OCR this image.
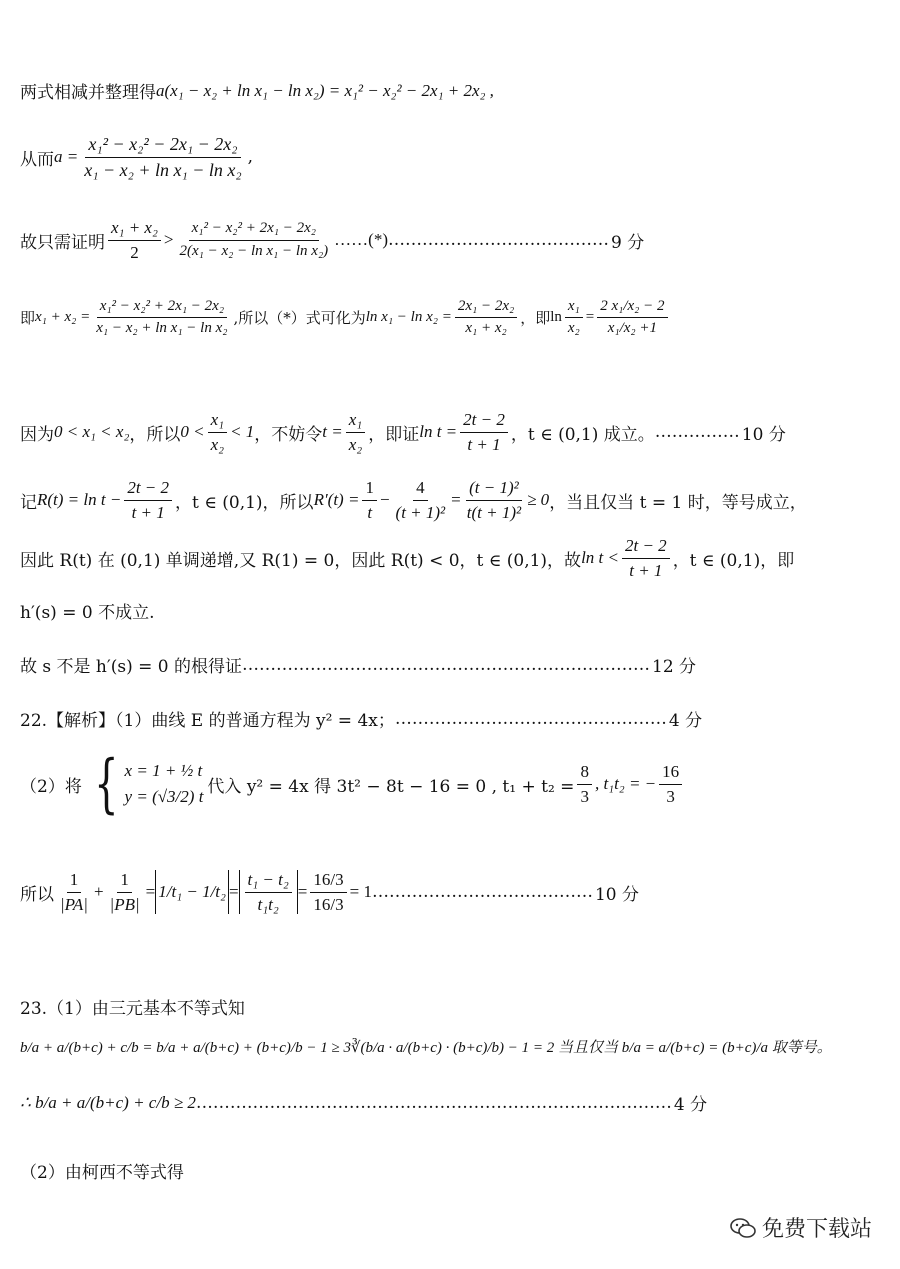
​
两式相减并整理得 a(x₁ − x₂ + ln x₁ − ln x₂) = x₁² − x₂² − 2x₁ + 2x₂ ,
从而 $a = \frac{\text{x₁² − x₂² − 2x₁ − 2x₂}}{\text{x₁ − x₂ + ln x₁ − ln x₂}}$ ,
故只需证明 $\frac{\text{x₁ + x₂}}{2} > \frac{\text{x₁² − x₂² + 2x₁ − 2x₂}}{\text{2(x₁ − x₂ − ln x₁ − ln x₂)}}$ ……(*) ………………………………… 9 分
即 $x_1 + x_2 = \frac{\text{x₁² − x₂² + 2x₁ − 2x₂}}{\text{x₁ − x₂ + ln x₁ − ln x₂}}$ ,所以（*）式可化为 $\ln x_1 - \ln x_2 = \frac{\text{2x₁ − 2x₂}}{\text{x₁ + x₂}}$ ，即 $\ln \frac{\text{x₁}}{\text{x₂}} = \frac{\text{2 x₁/x₂ − 2}}{\text{x₁/x₂ +1}}$
因为 0 < x₁ < x₂ ，所以 $0 < \frac{\text{x₁}}{\text{x₂}} < 1$ ，不妨令 $t = \frac{\text{x₁}}{\text{x₂}}$ ，即证 $\ln t = \frac{2t - 2}{t + 1}$ ，t ∈ (0,1) 成立。 …………… 10 分
记 $R(t) = \ln t - \frac{2t - 2}{t + 1}$ ，t ∈ (0,1)，所以 $R'(t) = \frac{1}{t} - \frac{4}{\text{(t + 1)²}} = \frac{\text{(t − 1)²}}{\text{t(t + 1)²}} \ge 0$ ，当且仅当 t = 1 时，等号成立，
因此 R(t) 在 (0,1) 单调递增,又 R(1) = 0，因此 R(t) < 0，t ∈ (0,1)，故 $\ln t < \frac{2t - 2}{t + 1}$ ，t ∈ (0,1)，即
h′(s) = 0 不成立.
故 s 不是 h′(s) = 0 的根得证 ……………………………………………………………… 12 分
22.【解析】（1）曲线 E 的普通方程为 y² = 4x； ………………………………………… 4 分
（2）将 { x = 1 + ½ t
y = (√3/2) t 代入 y² = 4x 得 3t² − 8t − 16 = 0 , $t_1 + t_2 = \frac{8}{3}$ , t₁t₂ = − $\frac{16}{3}$
所以 $\frac{1}{|PA|} + \frac{1}{|PB|} = 1/t_1 - 1/t_2 = \frac{\text{t₁ − t₂}}{\text{t₁t₂}} = \frac{16/3}{16/3} = 1$ ………………………………… 10 分
23.（1）由三元基本不等式知
b/a + a/(b+c) + c/b = b/a + a/(b+c) + (b+c)/b − 1 ≥ 3∛(b/a · a/(b+c) · (b+c)/b) − 1 = 2 当且仅当 b/a = a/(b+c) = (b+c)/a 取等号。
∴ b/a + a/(b+c) + c/b ≥ 2 ………………………………………………………………………… 4 分
（2）由柯西不等式得
免费下载站
